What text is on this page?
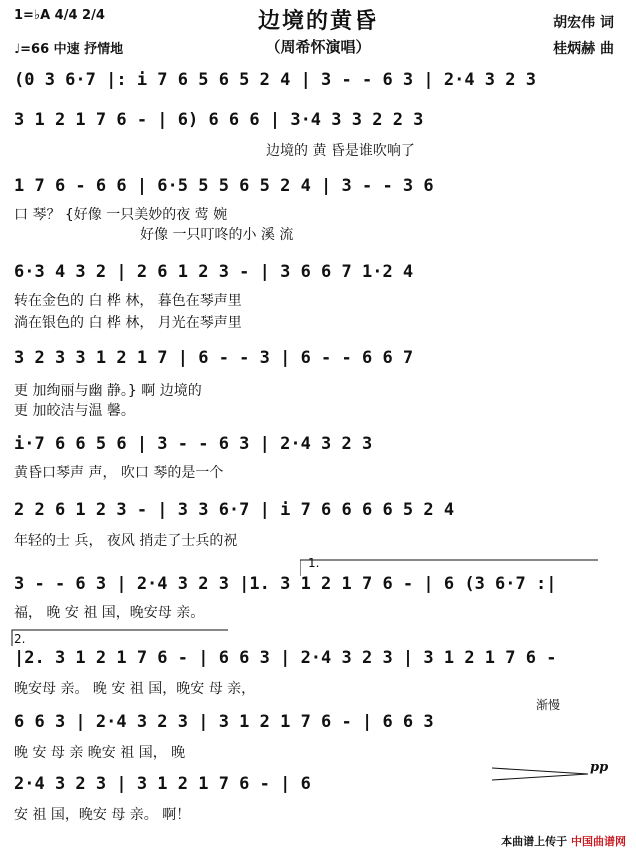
边境的黄昏
（周希怀演唱）
1=♭A 4/4 2/4
♩=66 中速 抒情地
胡宏伟 词
桂炳赫 曲
(0 3 6·7 |: i 7 6 5 6 5 2 4 | 3 - - 6 3 | 2·4 3 2 3
3 1 2 1 7 6 - | 6) 6 6 6 | 3·4 3 3 2 2 3
边境的 黄 昏是谁吹响了
1 7 6 - 6 6 | 6·5 5 5 6 5 2 4 | 3 - - 3 6
口 琴？ {好像 一只美妙的夜 莺 婉
好像 一只叮咚的小 溪 流
6·3 4 3 2 | 2 6 1 2 3 - | 3 6 6 7 1·2 4
转在金色的 白 桦 林， 暮色在琴声里
淌在银色的 白 桦 林， 月光在琴声里
3 2 3 3 1 2 1 7 | 6 - - 3 | 6 - - 6 6 7
更 加绚丽与幽 静。} 啊 边境的
更 加皎洁与温 馨。
i·7 6 6 5 6 | 3 - - 6 3 | 2·4 3 2 3
黄昏口琴声 声， 吹口 琴的是一个
2 2 6 1 2 3 - | 3 3 6·7 | i 7 6 6 6 6 5 2 4
年轻的士 兵， 夜风 捎走了士兵的祝
3 - - 6 3 | 2·4 3 2 3 |1. 3 1 2 1 7 6 - | 6 (3 6·7 :|
福， 晚 安 祖 国，晚安母 亲。
1.
2.
|2. 3 1 2 1 7 6 - | 6 6 3 | 2·4 3 2 3 | 3 1 2 1 7 6 -
晚安母 亲。 晚 安 祖 国，晚安 母 亲，
渐慢
6 6 3 | 2·4 3 2 3 | 3 1 2 1 7 6 - | 6 6 3
晚 安 母 亲 晚安 祖 国， 晚
2·4 3 2 3 | 3 1 2 1 7 6 - | 6
安 祖 国，晚安 母 亲。 啊！
pp
本曲谱上传于 中国曲谱网
